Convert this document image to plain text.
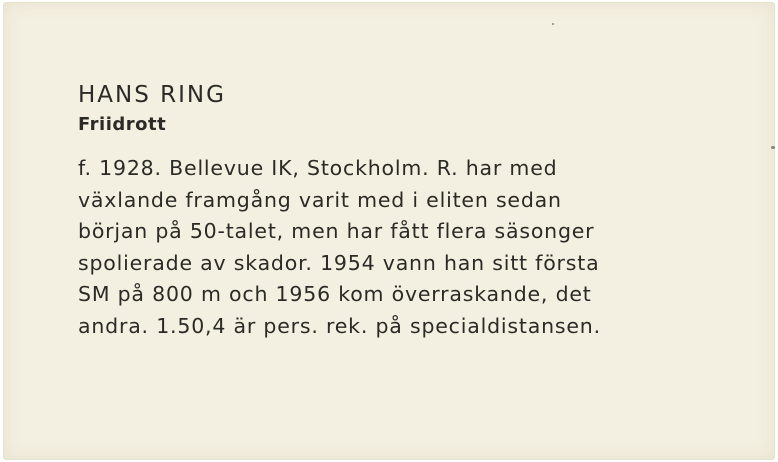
HANS RING
Friidrott

f. 1928. Bellevue IK, Stockholm. R. har med
växlande framgång varit med i eliten sedan
början på 50-talet, men har fått flera säsonger
spolierade av skador. 1954 vann han sitt första
SM på 800 m och 1956 kom överraskande, det
andra. 1.50,4 är pers. rek. på specialdistansen.
